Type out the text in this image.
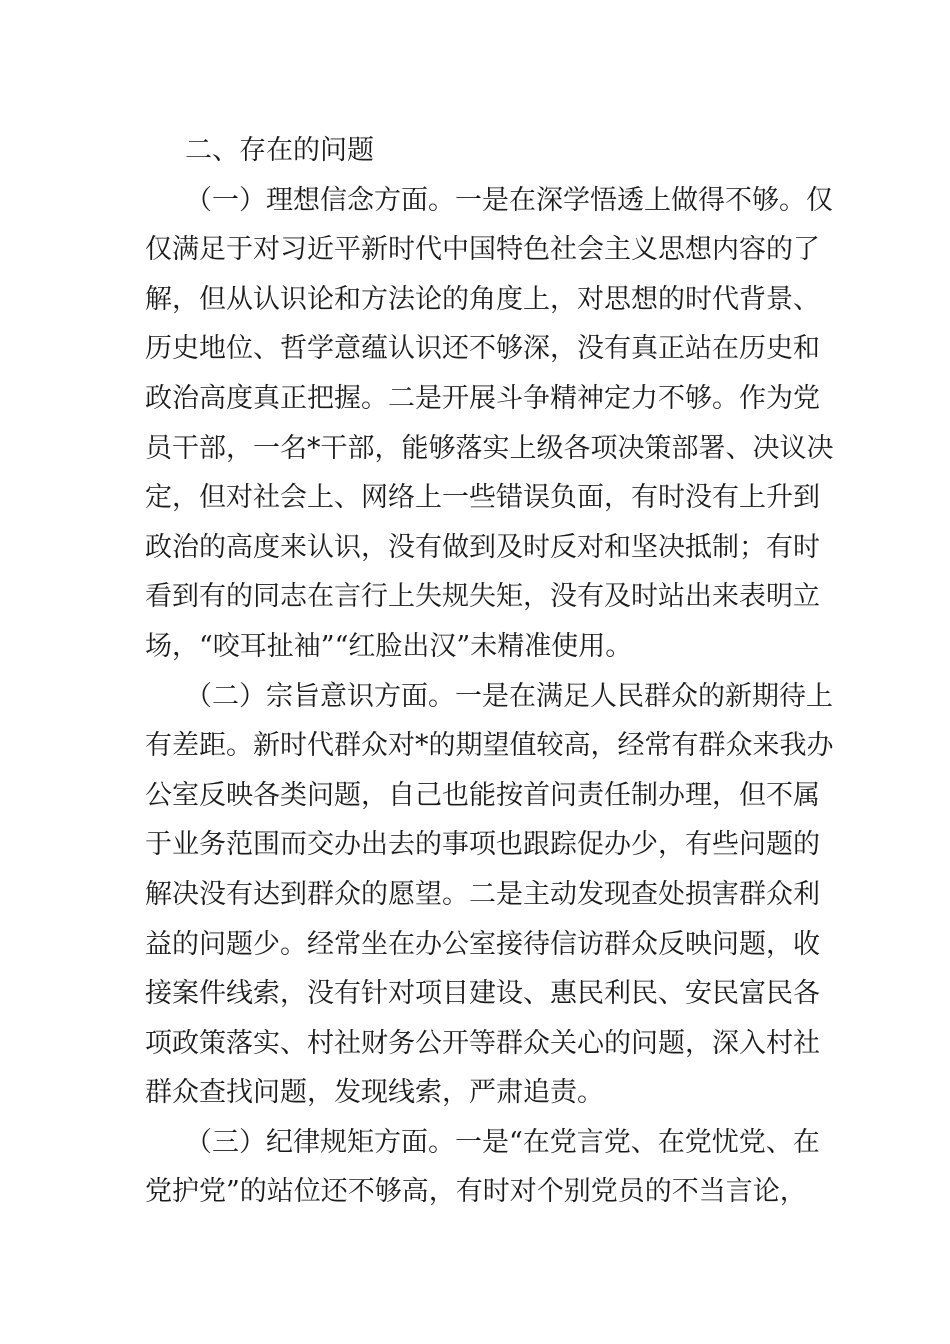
二、存在的问题
（一）理想信念方面。一是在深学悟透上做得不够。仅
仅满足于对习近平新时代中国特色社会主义思想内容的了
解，但从认识论和方法论的角度上，对思想的时代背景、
历史地位、哲学意蕴认识还不够深，没有真正站在历史和
政治高度真正把握。二是开展斗争精神定力不够。作为党
员干部，一名*干部，能够落实上级各项决策部署、决议决
定，但对社会上、网络上一些错误负面，有时没有上升到
政治的高度来认识，没有做到及时反对和坚决抵制；有时
看到有的同志在言行上失规失矩，没有及时站出来表明立
场，“咬耳扯袖”“红脸出汉”未精准使用。
（二）宗旨意识方面。一是在满足人民群众的新期待上
有差距。新时代群众对*的期望值较高，经常有群众来我办
公室反映各类问题，自己也能按首问责任制办理，但不属
于业务范围而交办出去的事项也跟踪促办少，有些问题的
解决没有达到群众的愿望。二是主动发现查处损害群众利
益的问题少。经常坐在办公室接待信访群众反映问题，收
接案件线索，没有针对项目建设、惠民利民、安民富民各
项政策落实、村社财务公开等群众关心的问题，深入村社
群众查找问题，发现线索，严肃追责。
（三）纪律规矩方面。一是“在党言党、在党忧党、在
党护党”的站位还不够高，有时对个别党员的不当言论，
